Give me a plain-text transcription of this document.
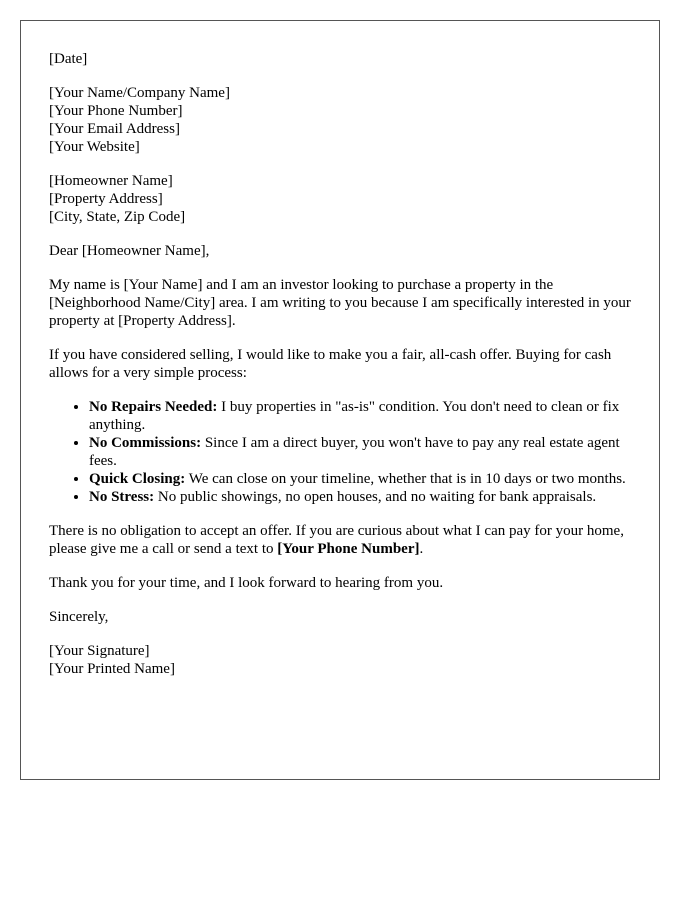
[Date]
[Your Name/Company Name]
[Your Phone Number]
[Your Email Address]
[Your Website]
[Homeowner Name]
[Property Address]
[City, State, Zip Code]

Dear [Homeowner Name],

My name is [Your Name] and I am an investor looking to purchase a property in the [Neighborhood Name/City] area. I am writing to you because I am specifically interested in your property at [Property Address].

If you have considered selling, I would like to make you a fair, all-cash offer. Buying for cash allows for a very simple process:

• No Repairs Needed: I buy properties in "as-is" condition. You don't need to clean or fix anything.
• No Commissions: Since I am a direct buyer, you won't have to pay any real estate agent fees.
• Quick Closing: We can close on your timeline, whether that is in 10 days or two months.
• No Stress: No public showings, no open houses, and no waiting for bank appraisals.

There is no obligation to accept an offer. If you are curious about what I can pay for your home, please give me a call or send a text to [Your Phone Number].

Thank you for your time, and I look forward to hearing from you.

Sincerely,

[Your Signature]
[Your Printed Name]
